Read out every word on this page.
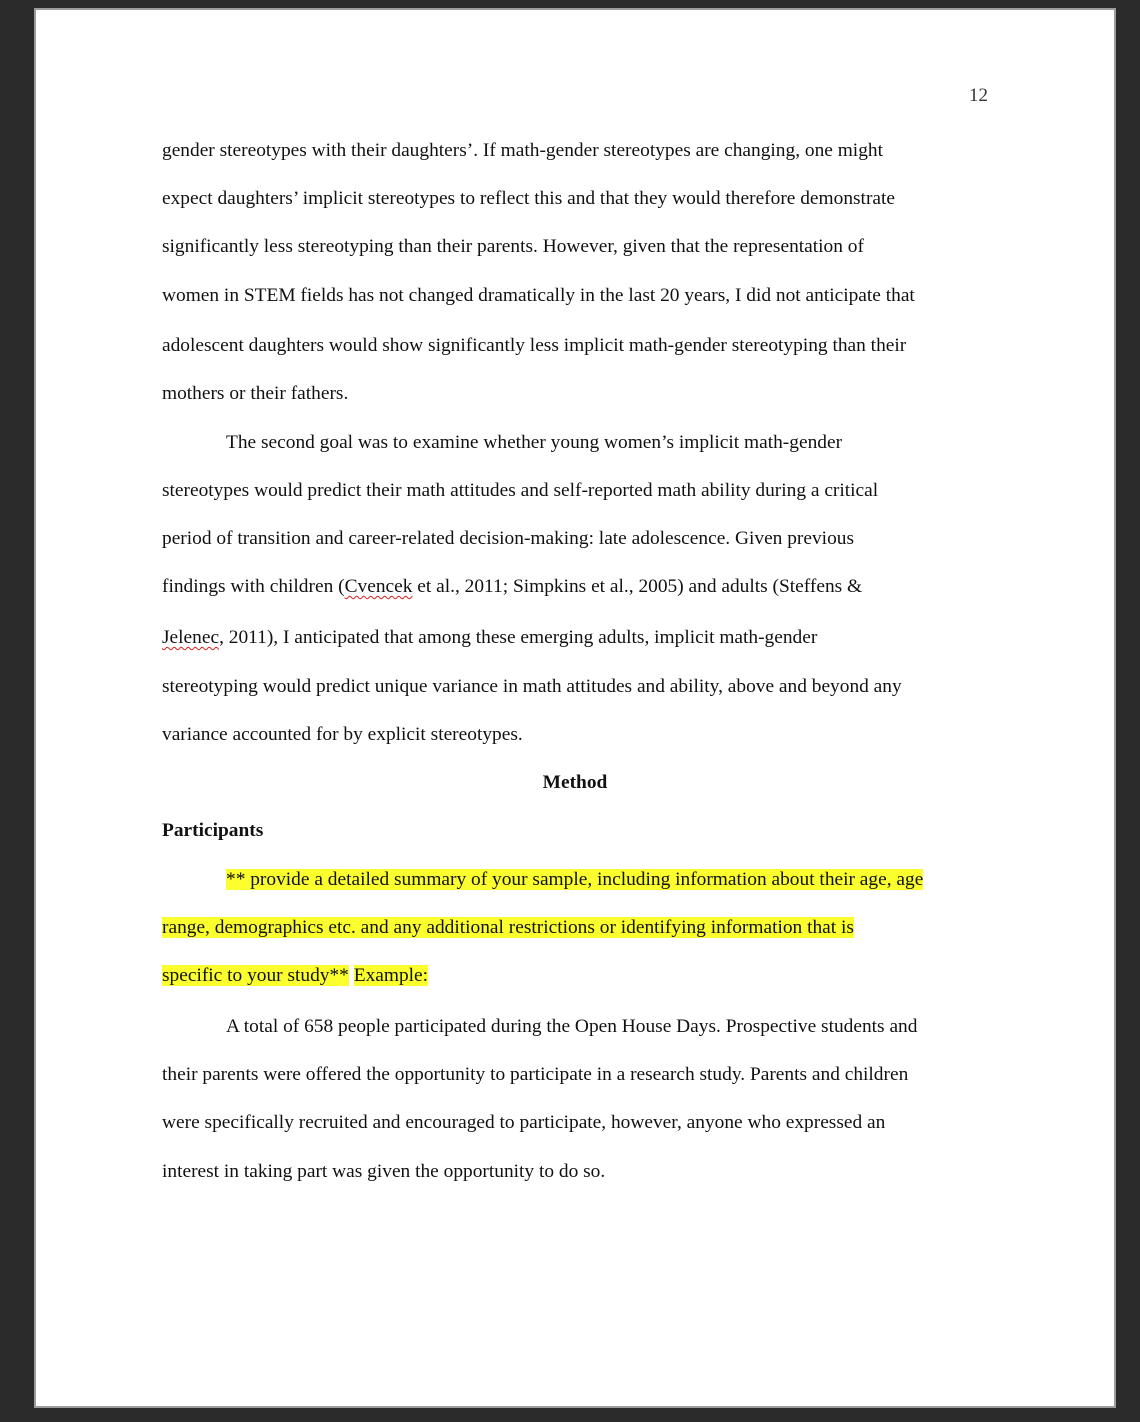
12
gender stereotypes with their daughters’. If math-gender stereotypes are changing, one might
expect daughters’ implicit stereotypes to reflect this and that they would therefore demonstrate
significantly less stereotyping than their parents. However, given that the representation of
women in STEM fields has not changed dramatically in the last 20 years, I did not anticipate that
adolescent daughters would show significantly less implicit math-gender stereotyping than their
mothers or their fathers.
The second goal was to examine whether young women’s implicit math-gender
stereotypes would predict their math attitudes and self-reported math ability during a critical
period of transition and career-related decision-making: late adolescence. Given previous
findings with children (Cvencek et al., 2011; Simpkins et al., 2005) and adults (Steffens &
Jelenec, 2011), I anticipated that among these emerging adults, implicit math-gender
stereotyping would predict unique variance in math attitudes and ability, above and beyond any
variance accounted for by explicit stereotypes.
Method
Participants
** provide a detailed summary of your sample, including information about their age, age
range, demographics etc. and any additional restrictions or identifying information that is
specific to your study** Example:
A total of 658 people participated during the Open House Days. Prospective students and
their parents were offered the opportunity to participate in a research study. Parents and children
were specifically recruited and encouraged to participate, however, anyone who expressed an
interest in taking part was given the opportunity to do so.
